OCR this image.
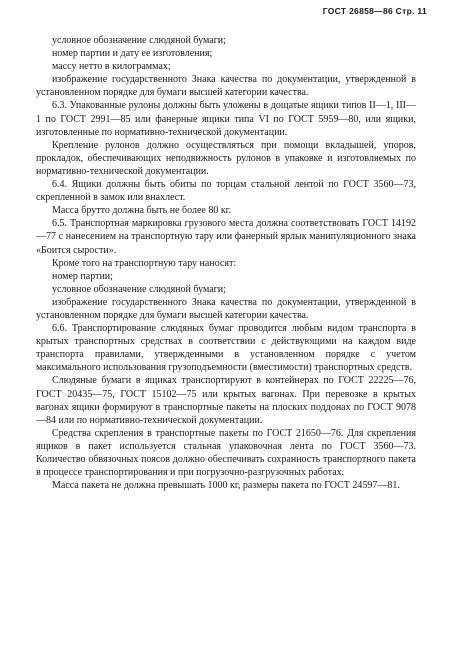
ГОСТ 26858—86 Стр. 11

условное обозначение слюдяной бумаги;

номер партии и дату ее изготовления;

массу нетто в килограммах;

изображение государственного Знака качества по документации, утвержденной в установленном порядке для бумаги высшей категории качества.

6.3. Упакованные рулоны должны быть уложены в дощатые ящики типов II—1, III—1 по ГОСТ 2991—85 или фанерные ящики типа VI по ГОСТ 5959—80, или ящики, изготовленные по нормативно-технической документации.

Крепление рулонов должно осуществляться при помощи вкладышей, упоров, прокладок, обеспечивающих неподвижность рулонов в упаковке и изготовляемых по нормативно-технической документации.

6.4. Ящики должны быть обиты по торцам стальной лентой по ГОСТ 3560—73, скрепленной в замок или внахлест.

Масса брутто должна быть не более 80 кг.

6.5. Транспортная маркировка грузового места должна соответствовать ГОСТ 14192—77 с нанесением на транспортную тару или фанерный ярлык манипуляционного знака «Боится сырости».

Кроме того на транспортную тару наносят:

номер партии;

условное обозначение слюдяной бумаги;

изображение государственного Знака качества по документации, утвержденной в установленном порядке для бумаги высшей категории качества.

6.6. Транспортирование слюдяных бумаг проводится любым видом транспорта в крытых транспортных средствах в соответствии с действующими на каждом виде транспорта правилами, утвержденными в установленном порядке с учетом максимального использования грузоподъемности (вместимости) транспортных средств.

Слюдяные бумаги в ящиках транспортируют в контейнерах по ГОСТ 22225—76, ГОСТ 20435—75, ГОСТ 15102—75 или крытых вагонах. При перевозке в крытых вагонах ящики формируют в транспортные пакеты на плоских поддонах по ГОСТ 9078—84 или по нормативно-технической документации.

Средства скрепления в транспортные пакеты по ГОСТ 21650—76. Для скрепления ящиков в пакет используется стальная упаковочная лента по ГОСТ 3560—73. Количество обвязочных поясов должно обеспечивать сохранность транспортного пакета в процессе транспортирования и при погрузочно-разгрузочных работах.

Масса пакета не должна превышать 1000 кг, размеры пакета по ГОСТ 24597—81.
